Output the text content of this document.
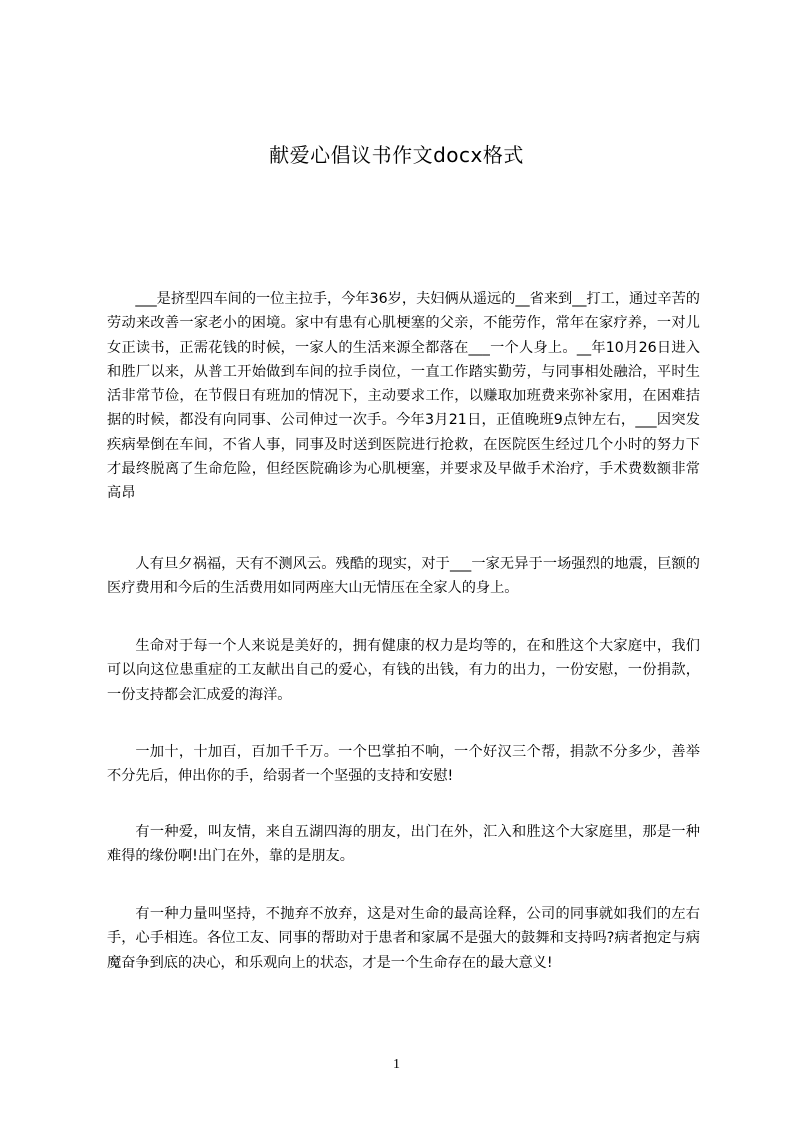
献爱心倡议书作文docx格式

___是挤型四车间的一位主拉手，今年36岁，夫妇俩从遥远的__省来到__打工，通过辛苦的劳动来改善一家老小的困境。家中有患有心肌梗塞的父亲，不能劳作，常年在家疗养，一对儿女正读书，正需花钱的时候，一家人的生活来源全都落在___一个人身上。__年10月26日进入和胜厂以来，从普工开始做到车间的拉手岗位，一直工作踏实勤劳，与同事相处融洽，平时生活非常节俭，在节假日有班加的情况下，主动要求工作，以赚取加班费来弥补家用，在困难拮据的时候，都没有向同事、公司伸过一次手。今年3月21日，正值晚班9点钟左右，___因突发疾病晕倒在车间，不省人事，同事及时送到医院进行抢救，在医院医生经过几个小时的努力下才最终脱离了生命危险，但经医院确诊为心肌梗塞，并要求及早做手术治疗，手术费数额非常高昂

人有旦夕祸福，天有不测风云。残酷的现实，对于___一家无异于一场强烈的地震，巨额的医疗费用和今后的生活费用如同两座大山无情压在全家人的身上。

生命对于每一个人来说是美好的，拥有健康的权力是均等的，在和胜这个大家庭中，我们可以向这位患重症的工友献出自己的爱心，有钱的出钱，有力的出力，一份安慰，一份捐款，一份支持都会汇成爱的海洋。

一加十，十加百，百加千千万。一个巴掌拍不响，一个好汉三个帮，捐款不分多少，善举不分先后，伸出你的手，给弱者一个坚强的支持和安慰!

有一种爱，叫友情，来自五湖四海的朋友，出门在外，汇入和胜这个大家庭里，那是一种难得的缘份啊!出门在外，靠的是朋友。

有一种力量叫坚持，不抛弃不放弃，这是对生命的最高诠释，公司的同事就如我们的左右手，心手相连。各位工友、同事的帮助对于患者和家属不是强大的鼓舞和支持吗?病者抱定与病魔奋争到底的决心，和乐观向上的状态，才是一个生命存在的最大意义!

1
